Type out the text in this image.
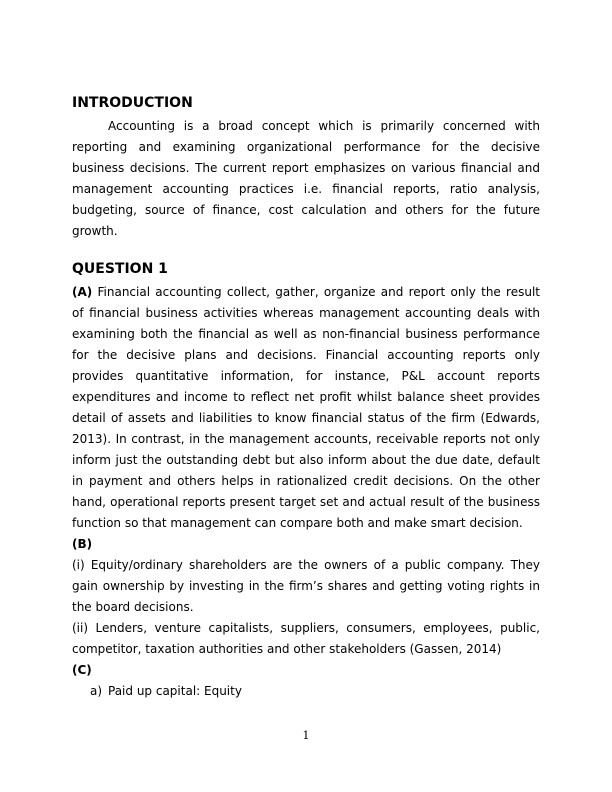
INTRODUCTION

Accounting is a broad concept which is primarily concerned with reporting and examining organizational performance for the decisive business decisions. The current report emphasizes on various financial and management accounting practices i.e. financial reports, ratio analysis, budgeting, source of finance, cost calculation and others for the future growth.

QUESTION 1

(A) Financial accounting collect, gather, organize and report only the result of financial business activities whereas management accounting deals with examining both the financial as well as non-financial business performance for the decisive plans and decisions. Financial accounting reports only provides quantitative information, for instance, P&L account reports expenditures and income to reflect net profit whilst balance sheet provides detail of assets and liabilities to know financial status of the firm (Edwards, 2013). In contrast, in the management accounts, receivable reports not only inform just the outstanding debt but also inform about the due date, default in payment and others helps in rationalized credit decisions. On the other hand, operational reports present target set and actual result of the business function so that management can compare both and make smart decision.

(B)

(i) Equity/ordinary shareholders are the owners of a public company. They gain ownership by investing in the firm’s shares and getting voting rights in the board decisions.

(ii) Lenders, venture capitalists, suppliers, consumers, employees, public, competitor, taxation authorities and other stakeholders (Gassen, 2014)

(C)

a) Paid up capital: Equity
1
